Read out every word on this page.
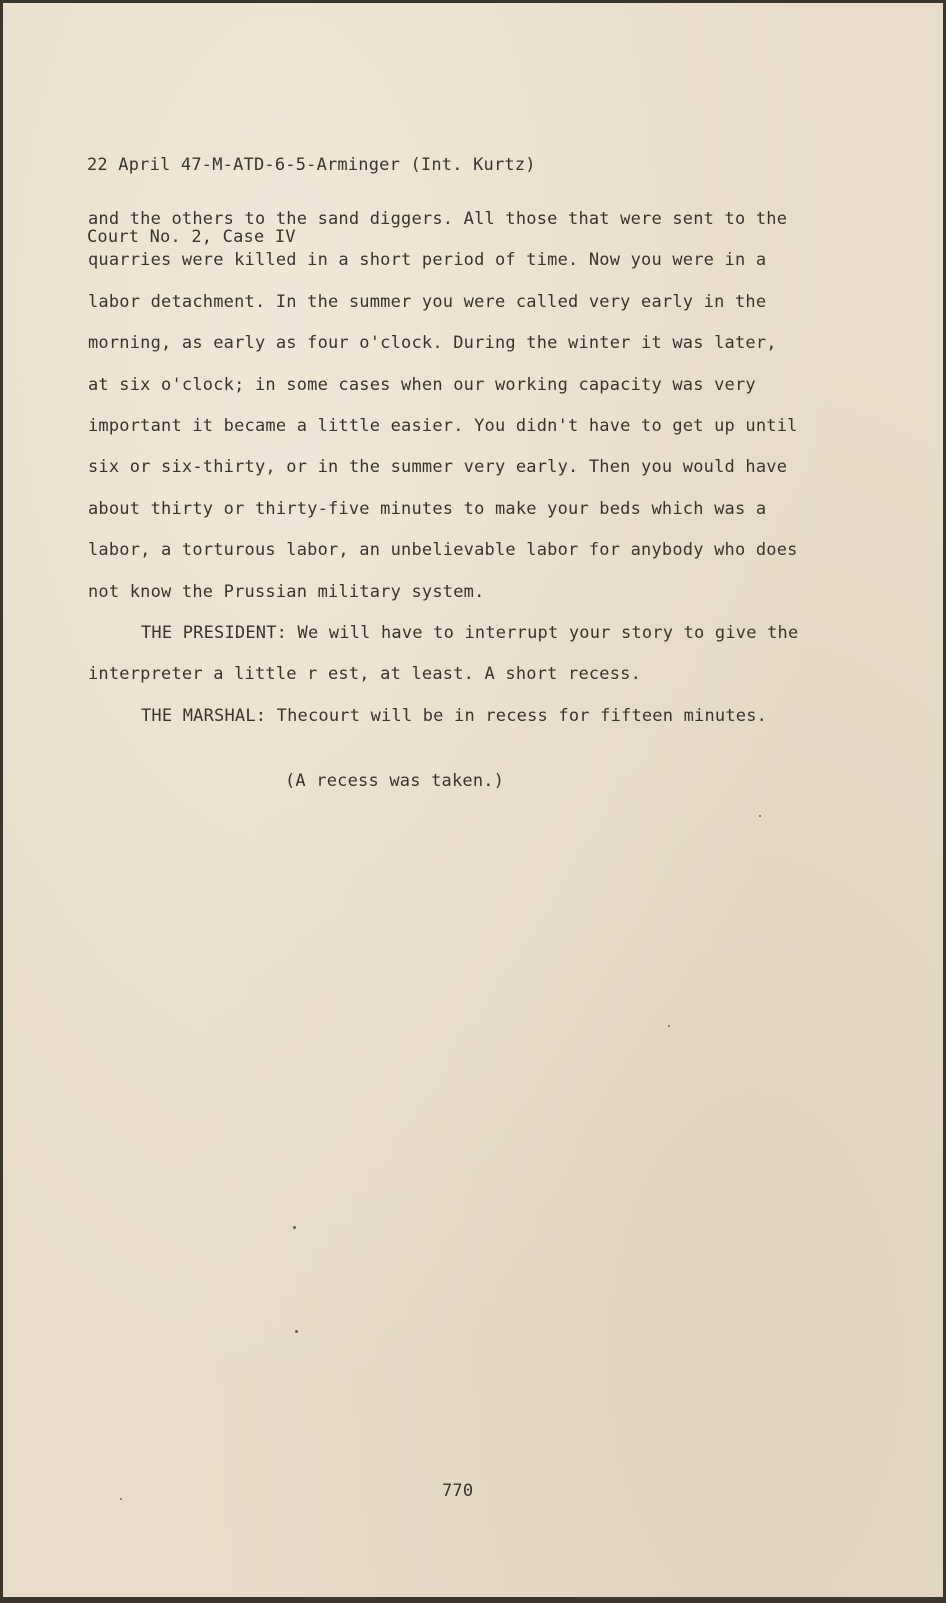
22 April 47-M-ATD-6-5-Arminger (Int. Kurtz)

Court No. 2, Case IV

and the others to the sand diggers. All those that were sent to the
quarries were killed in a short period of time. Now you were in a
labor detachment. In the summer you were called very early in the
morning, as early as four o'clock. During the winter it was later,
at six o'clock; in some cases when our working capacity was very
important it became a little easier. You didn't have to get up until
six or six-thirty, or in the summer very early. Then you would have
about thirty or thirty-five minutes to make your beds which was a
labor, a torturous labor, an unbelievable labor for anybody who does
not know the Prussian military system.
THE PRESIDENT: We will have to interrupt your story to give the
interpreter a little r est, at least. A short recess.
THE MARSHAL: Thecourt will be in recess for fifteen minutes.
(A recess was taken.)
770
